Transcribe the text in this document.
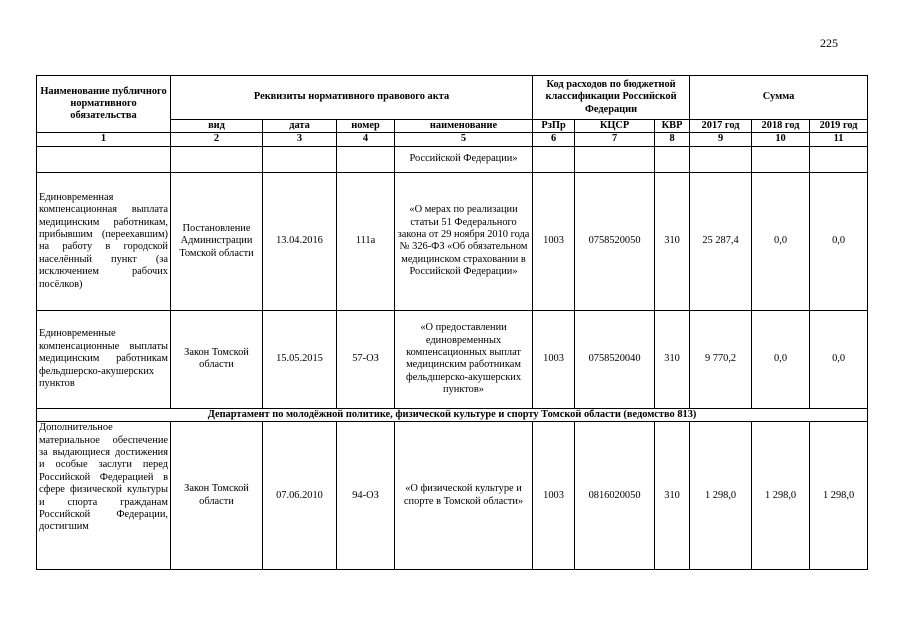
225
Наименование публичного нормативного обязательства	Реквизиты нормативного правового акта				Код расходов по бюджетной классификации Российской Федерации			Сумма		
	вид	дата	номер	наименование	РзПр	КЦСР	КВР	2017 год	2018 год	2019 год
1	2	3	4	5	6	7	8	9	10	11
				Российской Федерации»						
Единовременная компенсационная выплата медицинским работникам, прибывшим (переехавшим) на работу в городской населённый пункт (за исключением рабочих посёлков)	Постановление Администрации Томской области	13.04.2016	111а	«О мерах по реализации статьи 51 Федерального закона от 29 ноября 2010 года № 326-ФЗ «Об обязательном медицинском страховании в Российской Федерации»	1003	0758520050	310	25 287,4	0,0	0,0
Единовременные компенсационные выплаты медицинским работникам фельдшерско-акушерских пунктов	Закон Томской области	15.05.2015	57-ОЗ	«О предоставлении единовременных компенсационных выплат медицинским работникам фельдшерско-акушерских пунктов»	1003	0758520040	310	9 770,2	0,0	0,0
Департамент по молодёжной политике, физической культуре и спорту Томской области (ведомство 813)										
Дополнительное материальное обеспечение за выдающиеся достижения и особые заслуги перед Российской Федерацией в сфере физической культуры и спорта гражданам Российской Федерации, достигшим	Закон Томской области	07.06.2010	94-ОЗ	«О физической культуре и спорте в Томской области»	1003	0816020050	310	1 298,0	1 298,0	1 298,0
